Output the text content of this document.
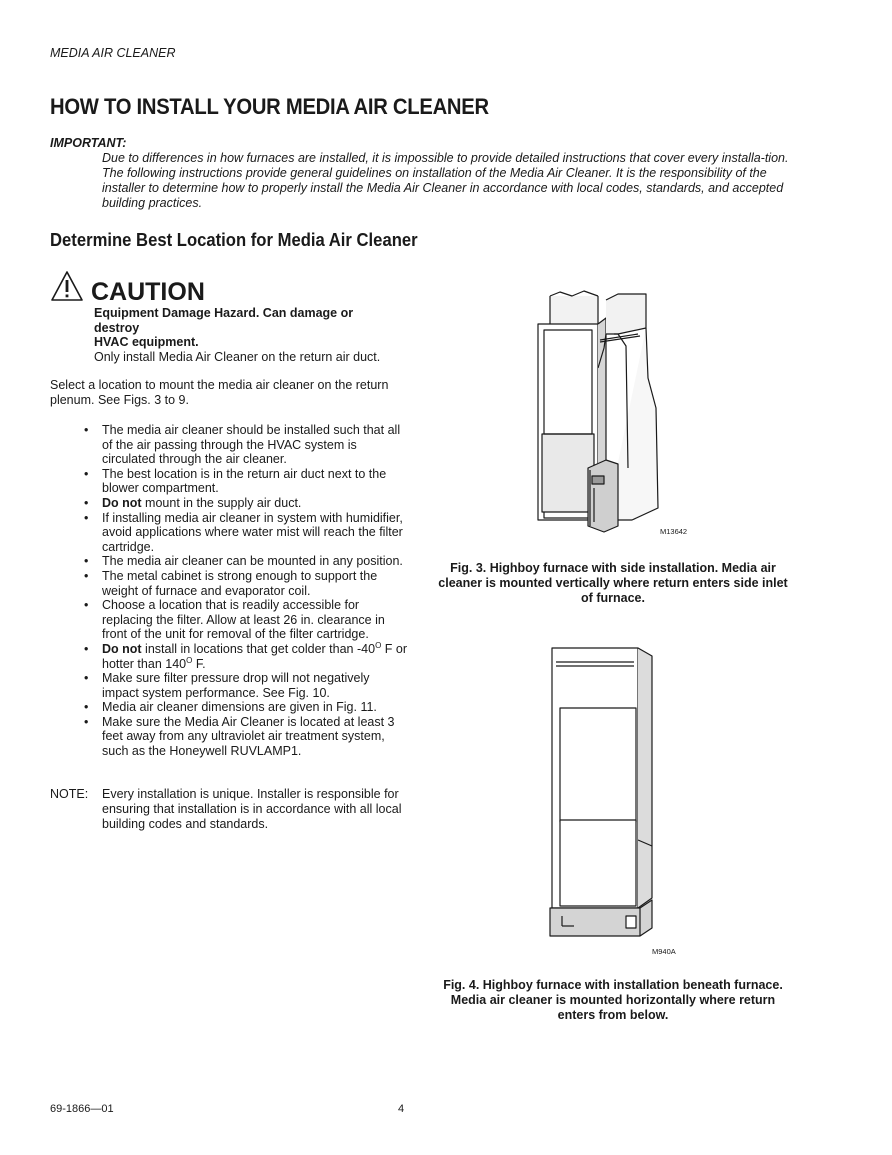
MEDIA AIR CLEANER
HOW TO INSTALL YOUR MEDIA AIR CLEANER
IMPORTANT:
Due to differences in how furnaces are installed, it is impossible to provide detailed instructions that cover every installa-tion. The following instructions provide general guidelines on installation of the Media Air Cleaner. It is the responsibility of the installer to determine how to properly install the Media Air Cleaner in accordance with local codes, standards, and accepted building practices.
Determine Best Location for Media Air Cleaner
CAUTION
Equipment Damage Hazard. Can damage or destroy
HVAC equipment.
Only install Media Air Cleaner on the return air duct.
Select a location to mount the media air cleaner on the return plenum. See Figs. 3 to 9.
• The media air cleaner should be installed such that all of the air passing through the HVAC system is circulated through the air cleaner.
• The best location is in the return air duct next to the blower compartment.
• Do not mount in the supply air duct.
• If installing media air cleaner in system with humidifier, avoid applications where water mist will reach the filter cartridge.
• The media air cleaner can be mounted in any position.
• The metal cabinet is strong enough to support the weight of furnace and evaporator coil.
• Choose a location that is readily accessible for replacing the filter. Allow at least 26 in. clearance in front of the unit for removal of the filter cartridge.
• Do not install in locations that get colder than $-40^O$ F or hotter than $140^O$ F.
• Make sure filter pressure drop will not negatively impact system performance. See Fig. 10.
• Media air cleaner dimensions are given in Fig. 11.
• Make sure the Media Air Cleaner is located at least 3 feet away from any ultraviolet air treatment system, such as the Honeywell RUVLAMP1.
NOTE: Every installation is unique. Installer is responsible for ensuring that installation is in accordance with all local building codes and standards.
M13642
Fig. 3. Highboy furnace with side installation. Media air cleaner is mounted vertically where return enters side inlet of furnace.
M940A
Fig. 4. Highboy furnace with installation beneath furnace. Media air cleaner is mounted horizontally where return enters from below.
69-1866—01	4
